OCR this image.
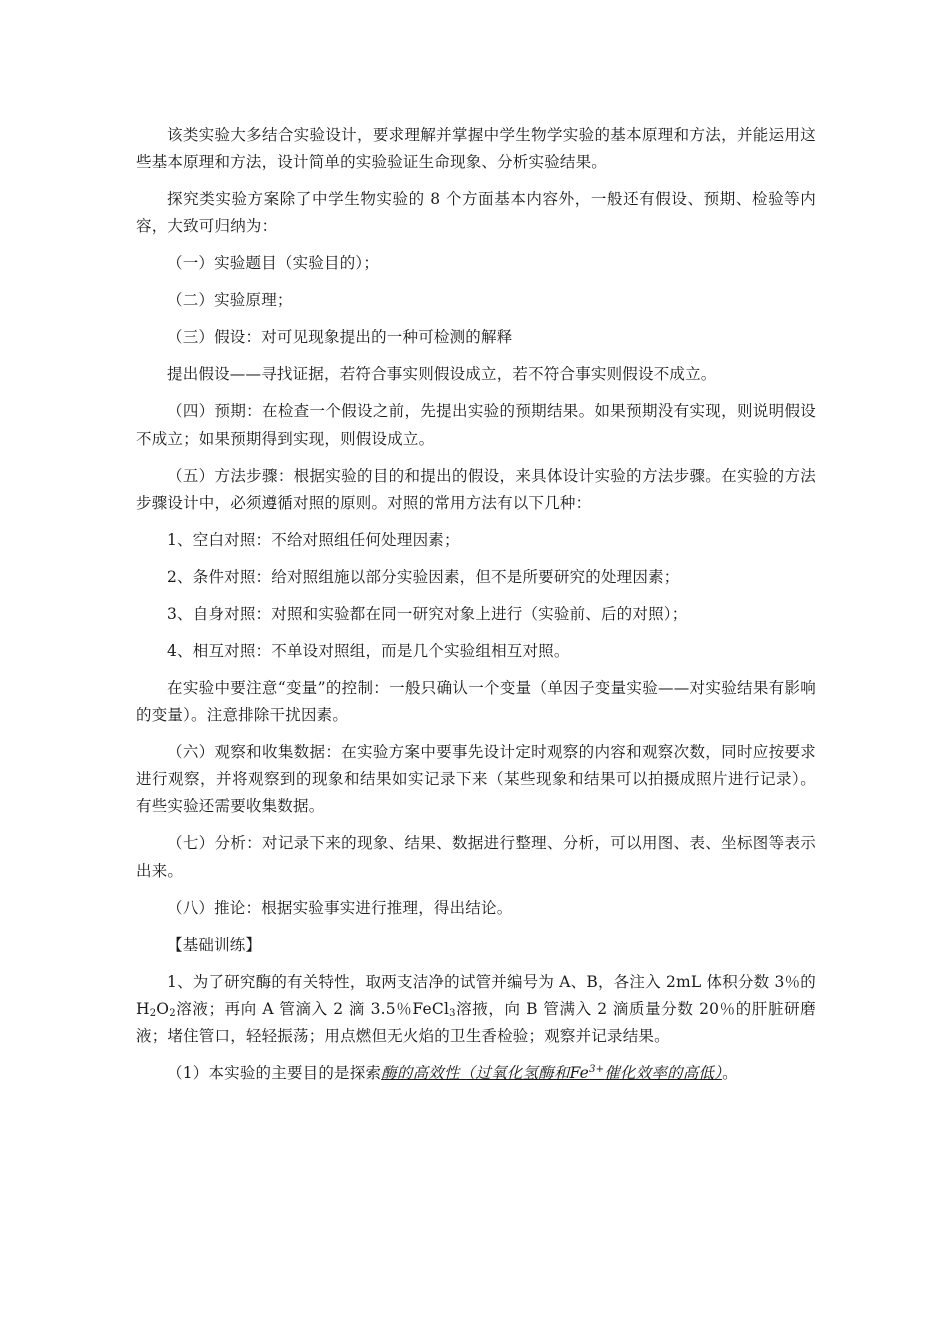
该类实验大多结合实验设计，要求理解并掌握中学生物学实验的基本原理和方法，并能运用这些基本原理和方法，设计简单的实验验证生命现象、分析实验结果。

探究类实验方案除了中学生物实验的 8 个方面基本内容外，一般还有假设、预期、检验等内容，大致可归纳为：

（一）实验题目（实验目的）；

（二）实验原理；

（三）假设：对可见现象提出的一种可检测的解释

提出假设——寻找证据，若符合事实则假设成立，若不符合事实则假设不成立。

（四）预期：在检查一个假设之前，先提出实验的预期结果。如果预期没有实现，则说明假设不成立；如果预期得到实现，则假设成立。

（五）方法步骤：根据实验的目的和提出的假设，来具体设计实验的方法步骤。在实验的方法步骤设计中，必须遵循对照的原则。对照的常用方法有以下几种：

1、空白对照：不给对照组任何处理因素；

2、条件对照：给对照组施以部分实验因素，但不是所要研究的处理因素；

3、自身对照：对照和实验都在同一研究对象上进行（实验前、后的对照）；

4、相互对照：不单设对照组，而是几个实验组相互对照。

在实验中要注意“变量”的控制：一般只确认一个变量（单因子变量实验——对实验结果有影响的变量）。注意排除干扰因素。

（六）观察和收集数据：在实验方案中要事先设计定时观察的内容和观察次数，同时应按要求进行观察，并将观察到的现象和结果如实记录下来（某些现象和结果可以拍摄成照片进行记录）。有些实验还需要收集数据。

（七）分析：对记录下来的现象、结果、数据进行整理、分析，可以用图、表、坐标图等表示出来。

（八）推论：根据实验事实进行推理，得出结论。

【基础训练】

1、为了研究酶的有关特性，取两支洁净的试管并编号为 A、B，各注入 2mL 体积分数 3％的 $H_2O_2$溶液；再向 A 管滴入 2 滴 3.5％FeCl$_3$溶掖，向 B 管满入 2 滴质量分数 20％的肝脏研磨液；堵住管口，轻轻振荡；用点燃但无火焰的卫生香检验；观察并记录结果。

（1）本实验的主要目的是探索酶的高效性（过氧化氢酶和$Fe^{3+}$催化效率的高低）。
